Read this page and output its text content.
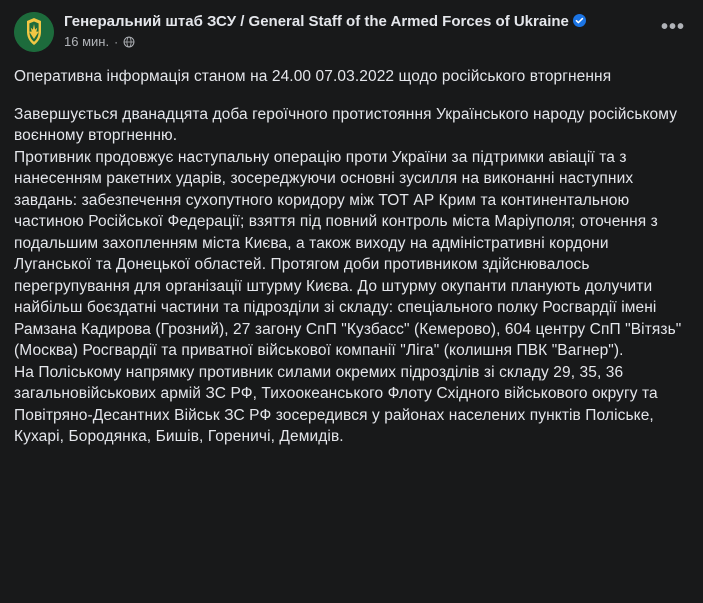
Генеральний штаб ЗСУ / General Staff of the Armed Forces of Ukraine
16 мин. ·
•••

Оперативна інформація станом на 24.00 07.03.2022 щодо російського вторгнення

Завершується дванадцята доба героїчного протистояння Українського народу російському воєнному вторгненню.

Противник продовжує наступальну операцію проти України за підтримки авіації та з нанесенням ракетних ударів, зосереджуючи основні зусилля на виконанні наступних завдань: забезпечення сухопутного коридору між ТОТ АР Крим та континентальною частиною Російської Федерації; взяття під повний контроль міста Маріуполя; оточення з подальшим захопленням міста Києва, а також виходу на адміністративні кордони Луганської та Донецької областей. Протягом доби противником здійснювалось перегрупування для організації штурму Києва. До штурму окупанти планують долучити найбільш боєздатні частини та підрозділи зі складу: спеціального полку Росгвардії імені Рамзана Кадирова (Грозний), 27 загону СпП "Кузбасс" (Кемерово), 604 центру СпП "Вітязь" (Москва) Росгвардії та приватної військової компанії "Ліга" (колишня ПВК "Вагнер").

На Поліському напрямку противник силами окремих підрозділів зі складу 29, 35, 36 загальновійськових армій ЗС РФ, Тихоокеанського Флоту Східного військового округу та Повітряно-Десантних Військ ЗС РФ зосередився у районах населених пунктів Поліське, Кухарі, Бородянка, Бишів, Гореничі, Демидів.
